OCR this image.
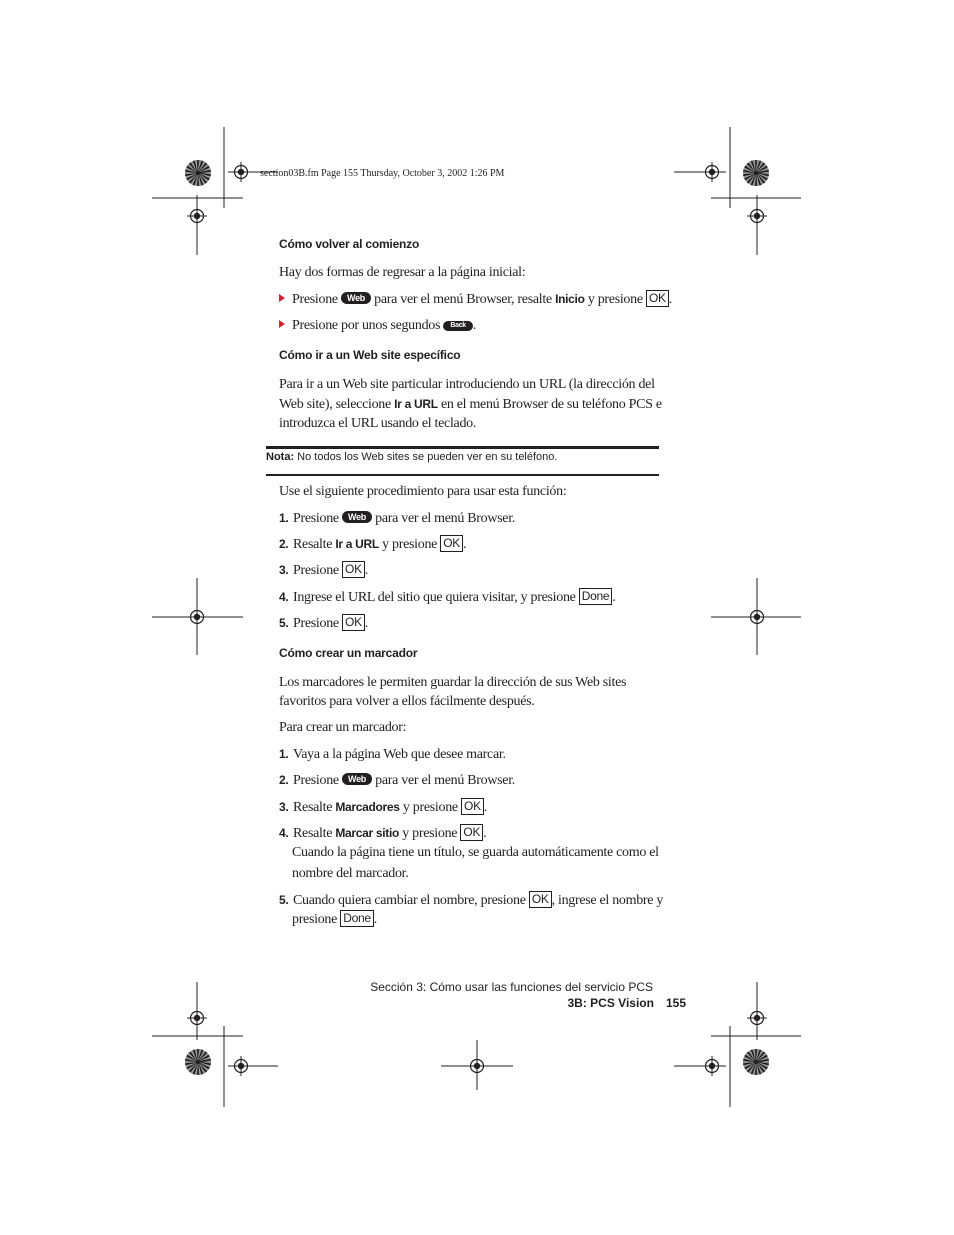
section03B.fm Page 155 Thursday, October 3, 2002 1:26 PM
Cómo volver al comienzo
Hay dos formas de regresar a la página inicial:
Presione Web para ver el menú Browser, resalte Inicio y presione OK .
Presione por unos segundos Back .
Cómo ir a un Web site específico
Para ir a un Web site particular introduciendo un URL (la dirección del
Web site), seleccione Ir a URL en el menú Browser de su teléfono PCS e
introduzca el URL usando el teclado.
Nota: No todos los Web sites se pueden ver en su teléfono.
Use el siguiente procedimiento para usar esta función:
1. Presione Web para ver el menú Browser.
2. Resalte Ir a URL y presione OK .
3. Presione OK .
4. Ingrese el URL del sitio que quiera visitar, y presione Done .
5. Presione OK .
Cómo crear un marcador
Los marcadores le permiten guardar la dirección de sus Web sites
favoritos para volver a ellos fácilmente después.
Para crear un marcador:
1. Vaya a la página Web que desee marcar.
2. Presione Web para ver el menú Browser.
3. Resalte Marcadores y presione OK .
4. Resalte Marcar sitio y presione OK .
Cuando la página tiene un título, se guarda automáticamente como el
nombre del marcador.
5. Cuando quiera cambiar el nombre, presione OK , ingrese el nombre y
presione Done .
Sección 3: Cómo usar las funciones del servicio PCS
3B: PCS Vision 155
